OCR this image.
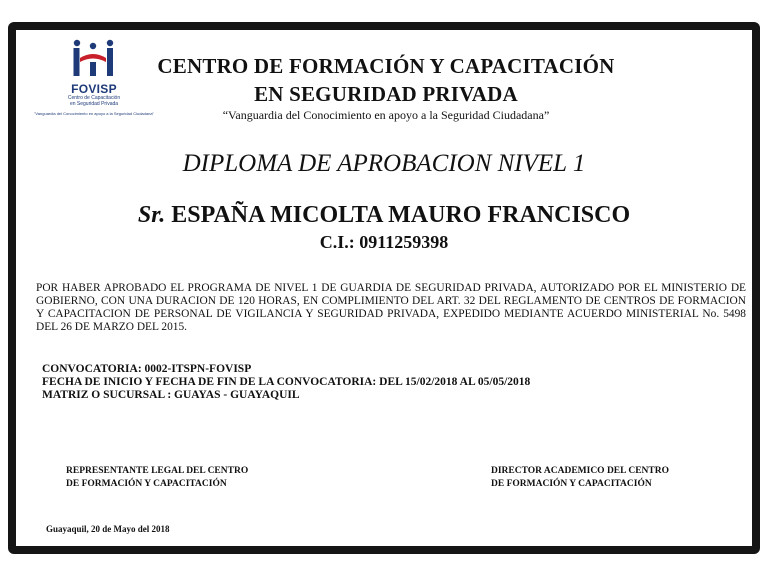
FOVISP
Centro de Capacitación
en Seguridad Privada
"Vanguardia del Conocimiento en apoyo a la Seguridad Ciudadana"
CENTRO DE FORMACIÓN Y CAPACITACIÓN
EN SEGURIDAD PRIVADA
“Vanguardia del Conocimiento en apoyo a la Seguridad Ciudadana”
DIPLOMA DE APROBACION NIVEL 1
Sr. ESPAÑA MICOLTA MAURO FRANCISCO
C.I.: 0911259398
POR HABER APROBADO EL PROGRAMA DE NIVEL 1 DE GUARDIA DE SEGURIDAD PRIVADA, AUTORIZADO POR EL MINISTERIO DE GOBIERNO, CON UNA DURACION DE 120 HORAS, EN COMPLIMIENTO DEL ART. 32 DEL REGLAMENTO DE CENTROS DE FORMACION Y CAPACITACION DE PERSONAL DE VIGILANCIA Y SEGURIDAD PRIVADA, EXPEDIDO MEDIANTE ACUERDO MINISTERIAL No. 5498 DEL 26 DE MARZO DEL 2015.
CONVOCATORIA: 0002-ITSPN-FOVISP
FECHA DE INICIO Y FECHA DE FIN DE LA CONVOCATORIA: DEL 15/02/2018 AL 05/05/2018
MATRIZ O SUCURSAL : GUAYAS - GUAYAQUIL
REPRESENTANTE LEGAL DEL CENTRO
DE FORMACIÓN Y CAPACITACIÓN
DIRECTOR ACADEMICO DEL CENTRO
DE FORMACIÓN Y CAPACITACIÓN
Guayaquil, 20 de Mayo del 2018
